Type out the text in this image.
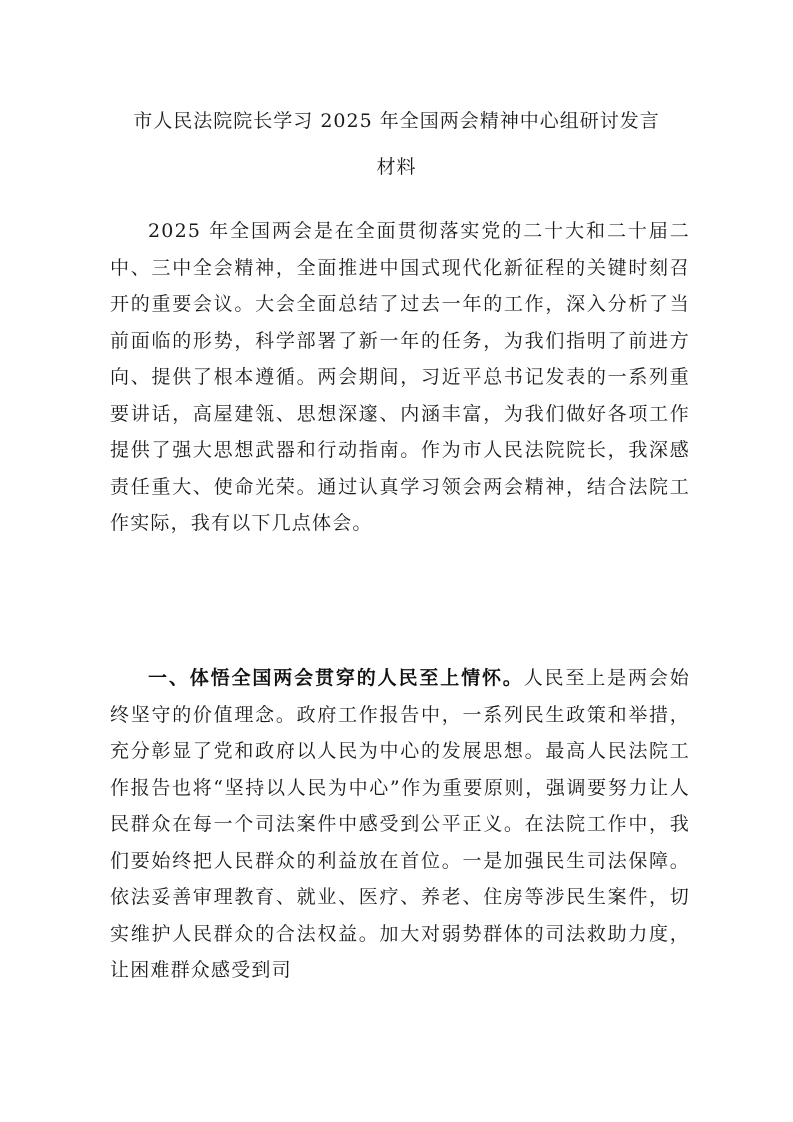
市人民法院院长学习 2025 年全国两会精神中心组研讨发言
材料

2025 年全国两会是在全面贯彻落实党的二十大和二十届二中、三中全会精神，全面推进中国式现代化新征程的关键时刻召开的重要会议。大会全面总结了过去一年的工作，深入分析了当前面临的形势，科学部署了新一年的任务，为我们指明了前进方向、提供了根本遵循。两会期间，习近平总书记发表的一系列重要讲话，高屋建瓴、思想深邃、内涵丰富，为我们做好各项工作提供了强大思想武器和行动指南。作为市人民法院院长，我深感责任重大、使命光荣。通过认真学习领会两会精神，结合法院工作实际，我有以下几点体会。

一、体悟全国两会贯穿的人民至上情怀。人民至上是两会始终坚守的价值理念。政府工作报告中，一系列民生政策和举措，充分彰显了党和政府以人民为中心的发展思想。最高人民法院工作报告也将“坚持以人民为中心”作为重要原则，强调要努力让人民群众在每一个司法案件中感受到公平正义。在法院工作中，我们要始终把人民群众的利益放在首位。一是加强民生司法保障。依法妥善审理教育、就业、医疗、养老、住房等涉民生案件，切实维护人民群众的合法权益。加大对弱势群体的司法救助力度，让困难群众感受到司
